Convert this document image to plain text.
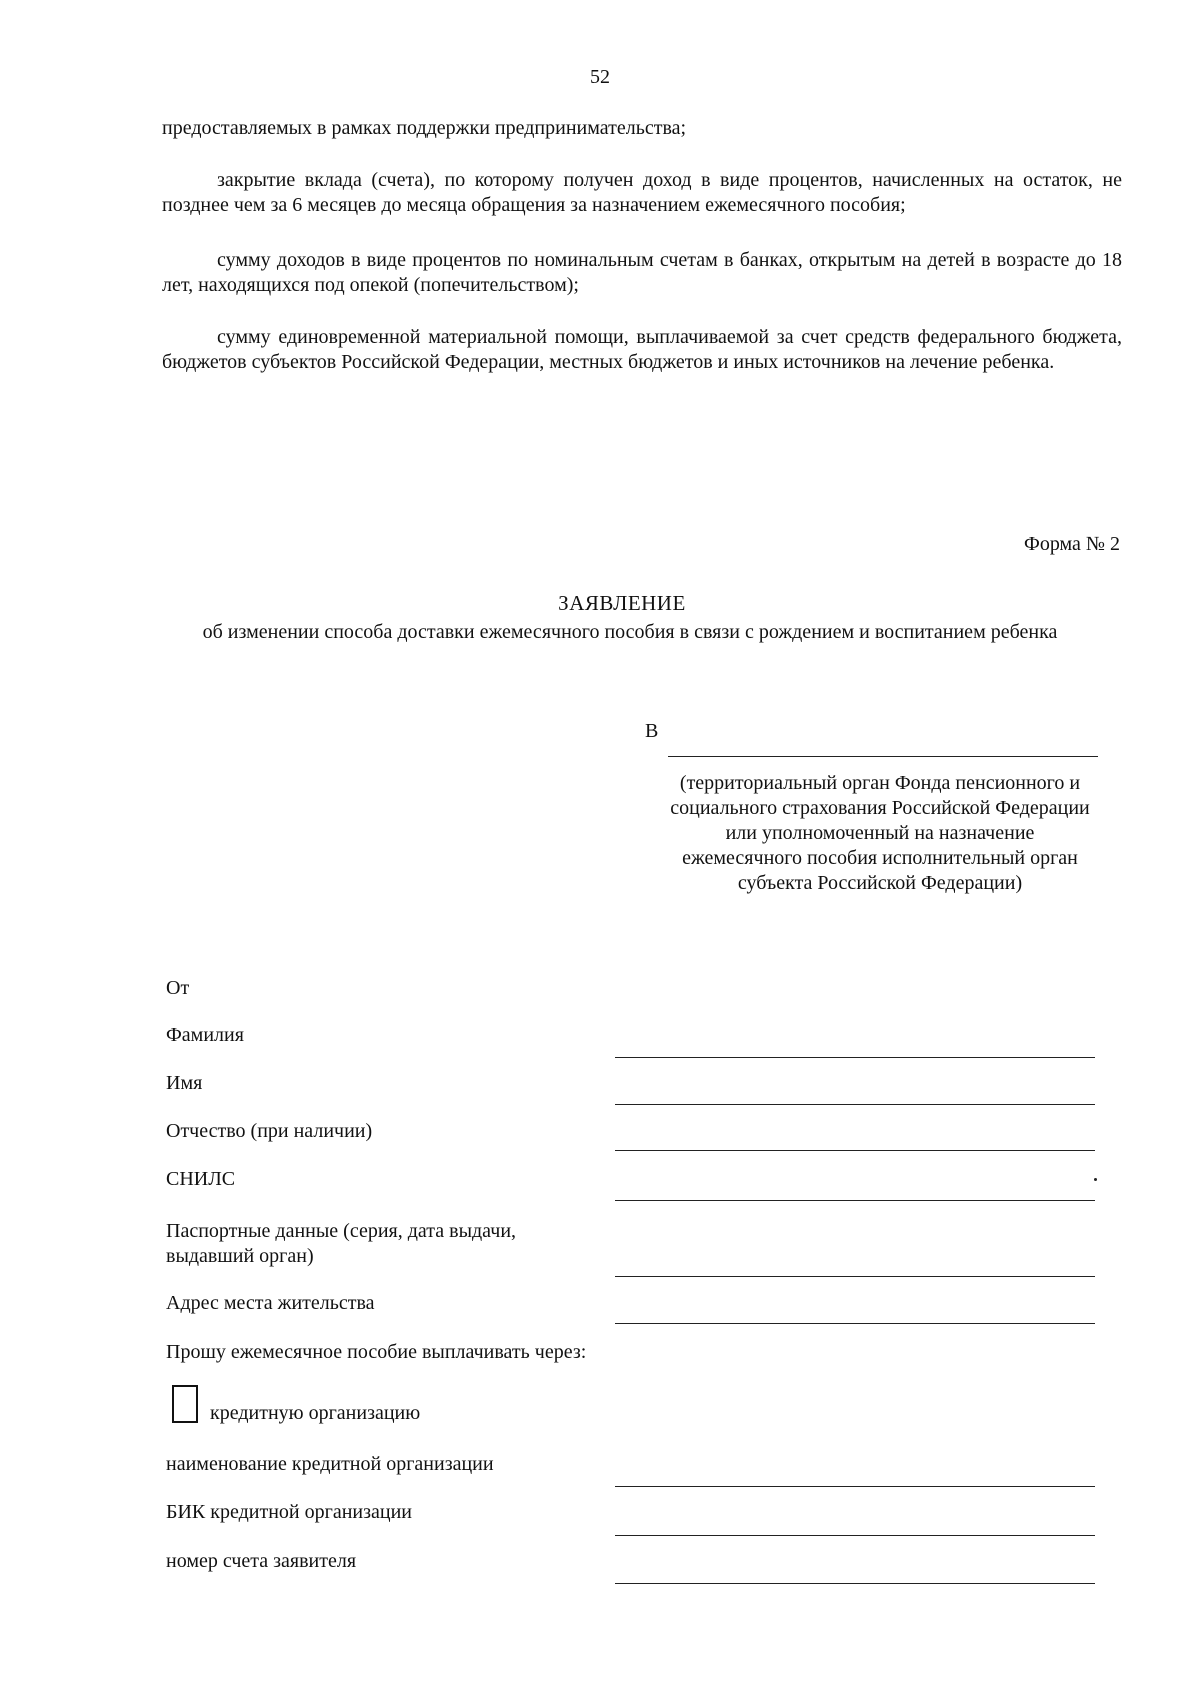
52
предоставляемых в рамках поддержки предпринимательства;
закрытие вклада (счета), по которому получен доход в виде процентов, начисленных на остаток, не позднее чем за 6 месяцев до месяца обращения за назначением ежемесячного пособия;
сумму доходов в виде процентов по номинальным счетам в банках, открытым на детей в возрасте до 18 лет, находящихся под опекой (попечительством);
сумму единовременной материальной помощи, выплачиваемой за счет средств федерального бюджета, бюджетов субъектов Российской Федерации, местных бюджетов и иных источников на лечение ребенка.
Форма № 2
ЗАЯВЛЕНИЕ
об изменении способа доставки ежемесячного пособия в связи с рождением и воспитанием ребенка
В
(территориальный орган Фонда пенсионного и социального страхования Российской Федерации или уполномоченный на назначение ежемесячного пособия исполнительный орган субъекта Российской Федерации)
От
Фамилия
Имя
Отчество (при наличии)
СНИЛС
Паспортные данные (серия, дата выдачи, выдавший орган)
Адрес места жительства
Прошу ежемесячное пособие выплачивать через:
кредитную организацию
наименование кредитной организации
БИК кредитной организации
номер счета заявителя
